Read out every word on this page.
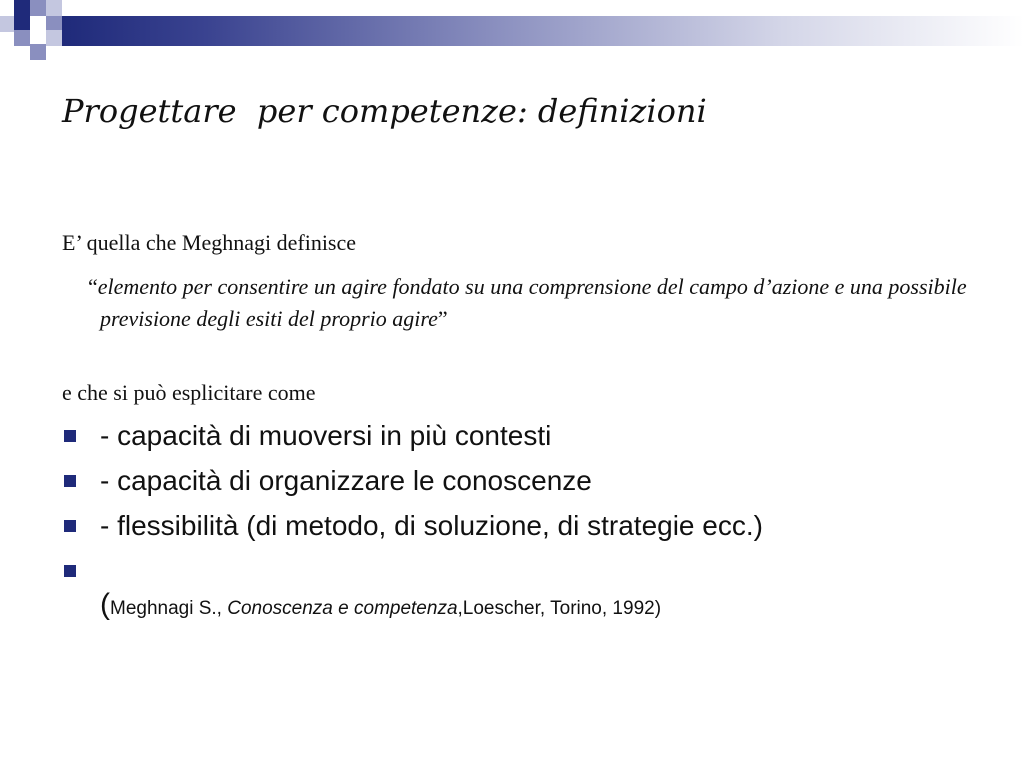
Progettare  per competenze: definizioni
E’ quella che Meghnagi definisce
“elemento per consentire un agire fondato su una comprensione del campo d’azione e una possibile previsione degli esiti del proprio agire”
e che si può esplicitare come
- capacità di muoversi in più contesti
- capacità di organizzare le conoscenze
- flessibilità (di metodo, di soluzione, di strategie ecc.)
(Meghnagi S., Conoscenza e competenza,Loescher, Torino, 1992)
